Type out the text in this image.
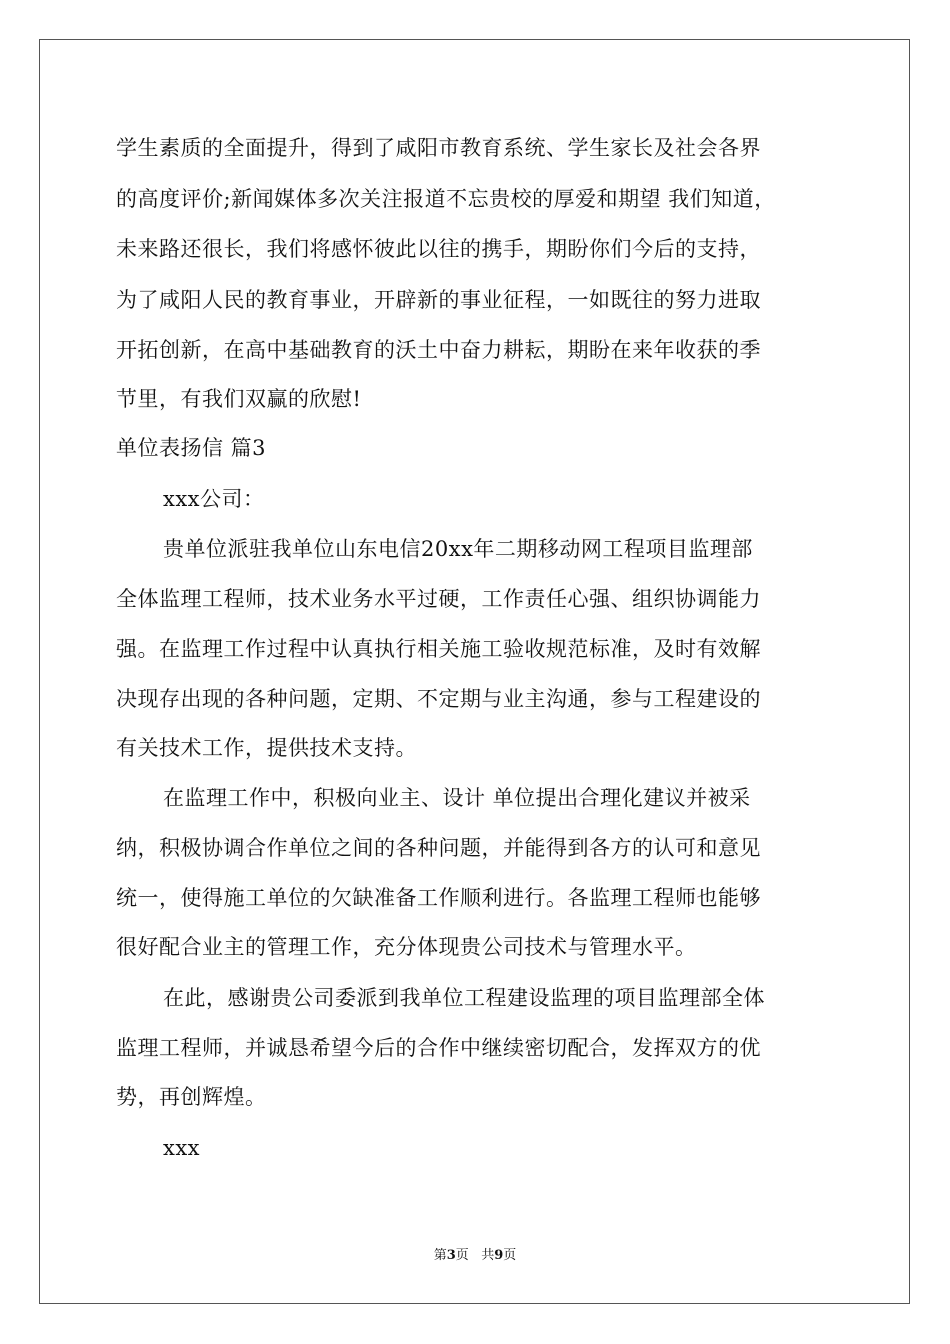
学生素质的全面提升，得到了咸阳市教育系统、学生家长及社会各界
的高度评价;新闻媒体多次关注报道不忘贵校的厚爱和期望 我们知道，
未来路还很长，我们将感怀彼此以往的携手，期盼你们今后的支持，
为了咸阳人民的教育事业，开辟新的事业征程，一如既往的努力进取
开拓创新，在高中基础教育的沃土中奋力耕耘，期盼在来年收获的季
节里，有我们双赢的欣慰!
单位表扬信 篇3
xxx公司：
贵单位派驻我单位山东电信20xx年二期移动网工程项目监理部
全体监理工程师，技术业务水平过硬，工作责任心强、组织协调能力
强。在监理工作过程中认真执行相关施工验收规范标准，及时有效解
决现存出现的各种问题，定期、不定期与业主沟通，参与工程建设的
有关技术工作，提供技术支持。
在监理工作中，积极向业主、设计 单位提出合理化建议并被采
纳，积极协调合作单位之间的各种问题，并能得到各方的认可和意见
统一，使得施工单位的欠缺准备工作顺利进行。各监理工程师也能够
很好配合业主的管理工作，充分体现贵公司技术与管理水平。
在此，感谢贵公司委派到我单位工程建设监理的项目监理部全体
监理工程师，并诚恳希望今后的合作中继续密切配合，发挥双方的优
势，再创辉煌。
xxx
第3页 共9页
